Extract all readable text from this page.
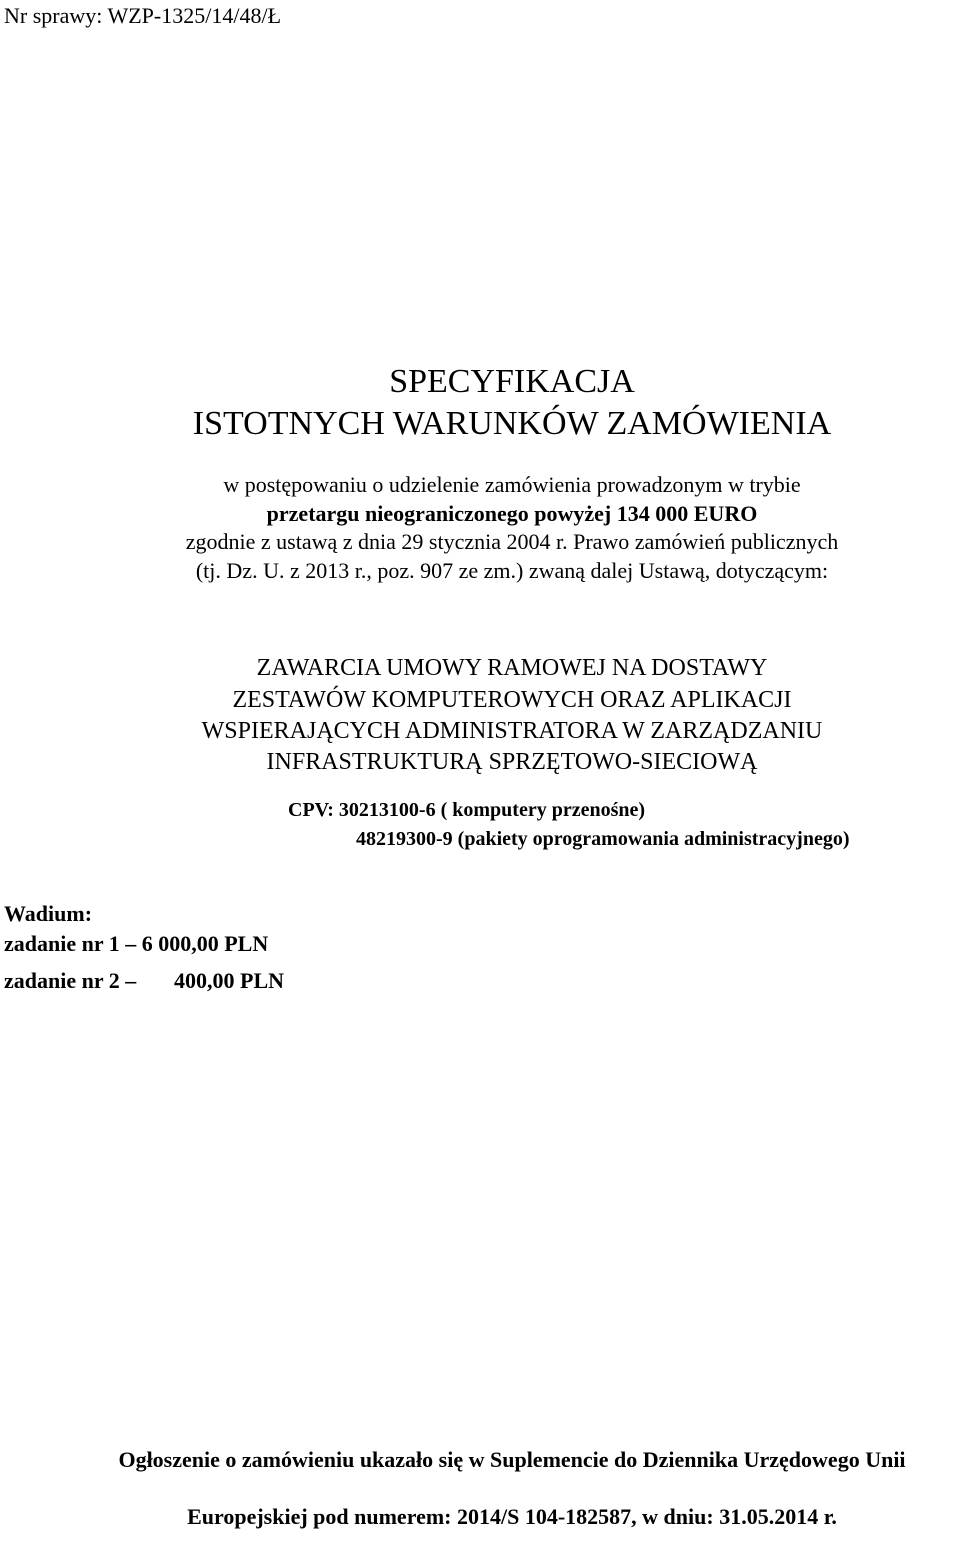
Nr sprawy: WZP-1325/14/48/Ł
SPECYFIKACJA
ISTOTNYCH WARUNKÓW ZAMÓWIENIA
w postępowaniu o udzielenie zamówienia prowadzonym w trybie
przetargu nieograniczonego powyżej 134 000 EURO
zgodnie z ustawą z dnia 29 stycznia 2004 r. Prawo zamówień publicznych
(tj. Dz. U. z 2013 r., poz. 907 ze zm.) zwaną dalej Ustawą, dotyczącym:
ZAWARCIA UMOWY RAMOWEJ NA DOSTAWY
ZESTAWÓW KOMPUTEROWYCH ORAZ APLIKACJI
WSPIERAJĄCYCH ADMINISTRATORA W ZARZĄDZANIU
INFRASTRUKTURĄ SPRZĘTOWO-SIECIOWĄ
CPV: 30213100-6 ( komputery przenośne)
48219300-9 (pakiety oprogramowania administracyjnego)
Wadium:
zadanie nr 1 – 6 000,00 PLN
zadanie nr 2 – 400,00 PLN
Ogłoszenie o zamówieniu ukazało się w Suplemencie do Dziennika Urzędowego Unii
Europejskiej pod numerem: 2014/S 104-182587, w dniu: 31.05.2014 r.
